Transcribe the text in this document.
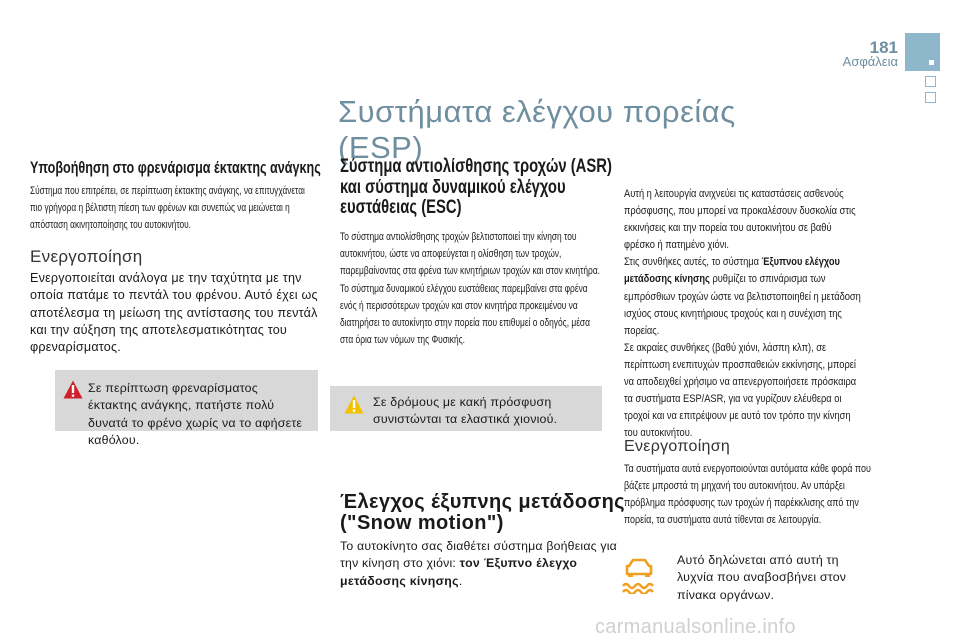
181
Ασφάλεια
Συστήματα ελέγχου πορείας (ESP)
Υποβοήθηση στο φρενάρισμα έκτακτης ανάγκης
Σύστημα που επιτρέπει, σε περίπτωση έκτακτης ανάγκης, να επιτυγχάνεται πιο γρήγορα η βέλτιστη πίεση των φρένων και συνεπώς να μειώνεται η απόσταση ακινητοποίησης του αυτοκινήτου.
Ενεργοποίηση
Ενεργοποιείται ανάλογα με την ταχύτητα με την οποία πατάμε το πεντάλ του φρένου. Αυτό έχει ως αποτέλεσμα τη μείωση της αντίστασης του πεντάλ και την αύξηση της αποτελεσματικότητας του φρεναρίσματος.
Σε περίπτωση φρεναρίσματος έκτακτης ανάγκης, πατήστε πολύ δυνατά το φρένο χωρίς να το αφήσετε καθόλου.
Σύστημα αντιολίσθησης τροχών (ASR) και σύστημα δυναμικού ελέγχου ευστάθειας (ESC)
Το σύστημα αντιολίσθησης τροχών βελτιστοποιεί την κίνηση του αυτοκινήτου, ώστε να αποφεύγεται η ολίσθηση των τροχών, παρεμβαίνοντας στα φρένα των κινητήριων τροχών και στον κινητήρα.
Το σύστημα δυναμικού ελέγχου ευστάθειας παρεμβαίνει στα φρένα ενός ή περισσότερων τροχών και στον κινητήρα προκειμένου να διατηρήσει το αυτοκίνητο στην πορεία που επιθυμεί ο οδηγός, μέσα στα όρια των νόμων της Φυσικής.
Σε δρόμους με κακή πρόσφυση συνιστώνται τα ελαστικά χιονιού.
Έλεγχος έξυπνης μετάδοσης ("Snow motion")
Το αυτοκίνητο σας διαθέτει σύστημα βοήθειας για την κίνηση στο χιόνι: τον Έξυπνο έλεγχο μετάδοσης κίνησης.

Αυτή η λειτουργία ανιχνεύει τις καταστάσεις ασθενούς πρόσφυσης, που μπορεί να προκαλέσουν δυσκολία στις εκκινήσεις και την πορεία του αυτοκινήτου σε βαθύ φρέσκο ή πατημένο χιόνι.

Στις συνθήκες αυτές, το σύστημα Έξυπνου ελέγχου μετάδοσης κίνησης ρυθμίζει το σπινάρισμα των εμπρόσθιων τροχών ώστε να βελτιστοποιηθεί η μετάδοση ισχύος στους κινητήριους τροχούς και η συνέχιση της πορείας.

Σε ακραίες συνθήκες (βαθύ χιόνι, λάσπη κλπ), σε περίπτωση ενεπιτυχών προσπαθειών εκκίνησης, μπορεί να αποδειχθεί χρήσιμο να απενεργοποιήσετε πρόσκαιρα τα συστήματα ESP/ASR, για να γυρίζουν ελέυθερα οι τροχοί και να επιτρέψουν με αυτό τον τρόπο την κίνηση του αυτοκινήτου.

Ενεργοποίηση
Τα συστήματα αυτά ενεργοποιούνται αυτόματα κάθε φορά που βάζετε μπροστά τη μηχανή του αυτοκινήτου. Αν υπάρξει πρόβλημα πρόσφυσης των τροχών ή παρέκκλισης από την πορεία, τα συστήματα αυτά τίθενται σε λειτουργία.
Αυτό δηλώνεται από αυτή τη λυχνία που αναβοσβήνει στον πίνακα οργάνων.
carmanualsonline.info
